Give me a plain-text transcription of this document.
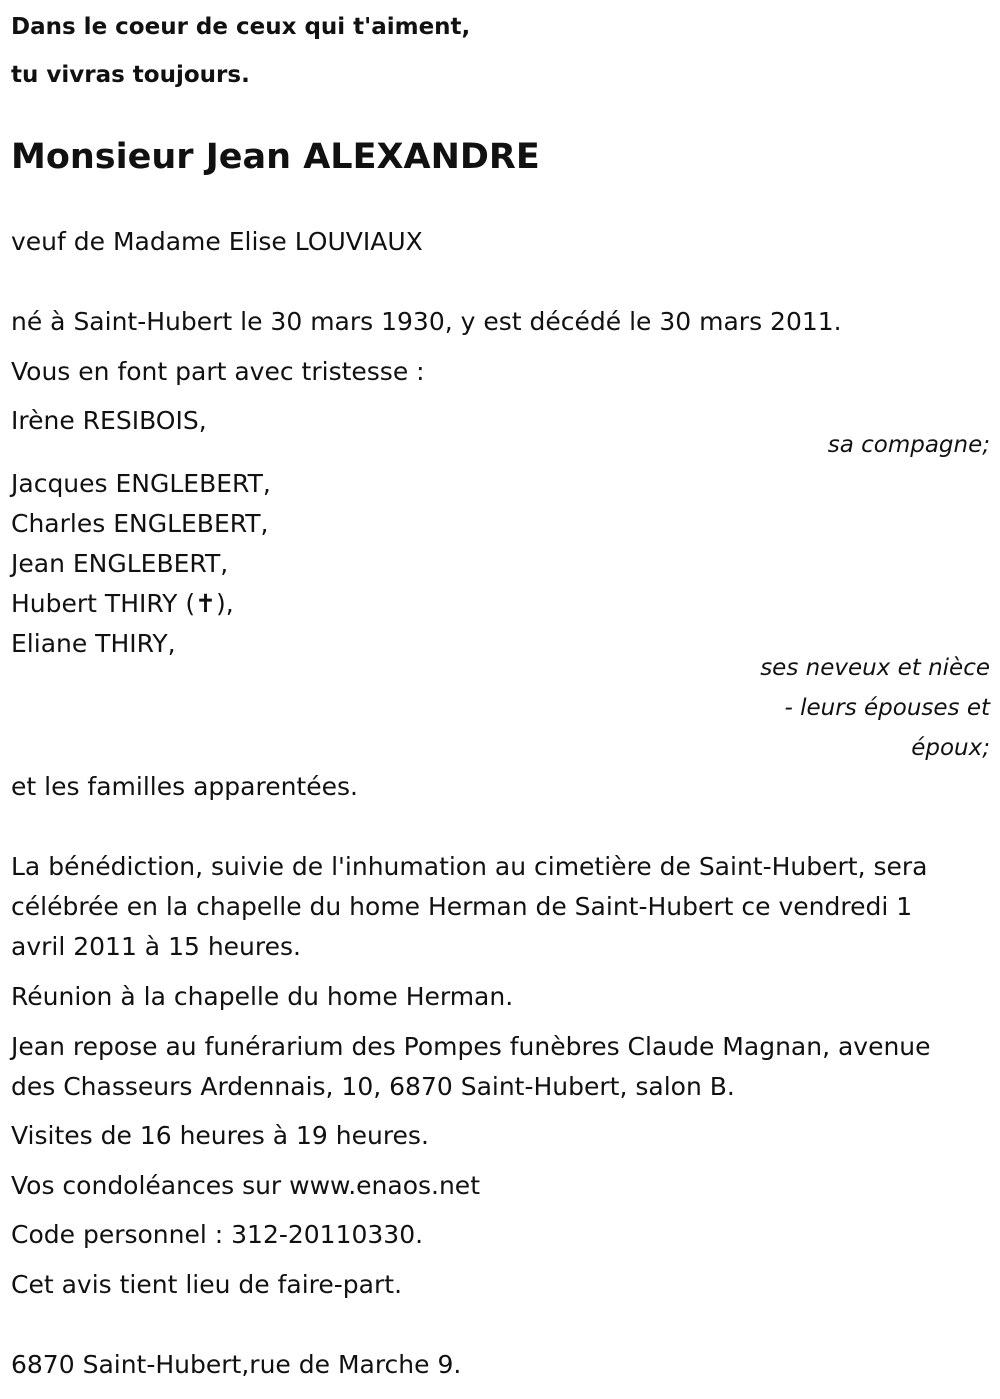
Dans le coeur de ceux qui t'aiment,
tu vivras toujours.
Monsieur Jean ALEXANDRE
veuf de Madame Elise LOUVIAUX
né à Saint-Hubert le 30 mars 1930, y est décédé le 30 mars 2011.
Vous en font part avec tristesse :
Irène RESIBOIS,
sa compagne;
Jacques ENGLEBERT,
Charles ENGLEBERT,
Jean ENGLEBERT,
Hubert THIRY (✝),
Eliane THIRY,
ses neveux et nièce
- leurs épouses et
époux;
et les familles apparentées.
La bénédiction, suivie de l'inhumation au cimetière de Saint-Hubert, sera
célébrée en la chapelle du home Herman de Saint-Hubert ce vendredi 1
avril 2011 à 15 heures.
Réunion à la chapelle du home Herman.
Jean repose au funérarium des Pompes funèbres Claude Magnan, avenue
des Chasseurs Ardennais, 10, 6870 Saint-Hubert, salon B.
Visites de 16 heures à 19 heures.
Vos condoléances sur www.enaos.net
Code personnel : 312-20110330.
Cet avis tient lieu de faire-part.
6870 Saint-Hubert,rue de Marche 9.
